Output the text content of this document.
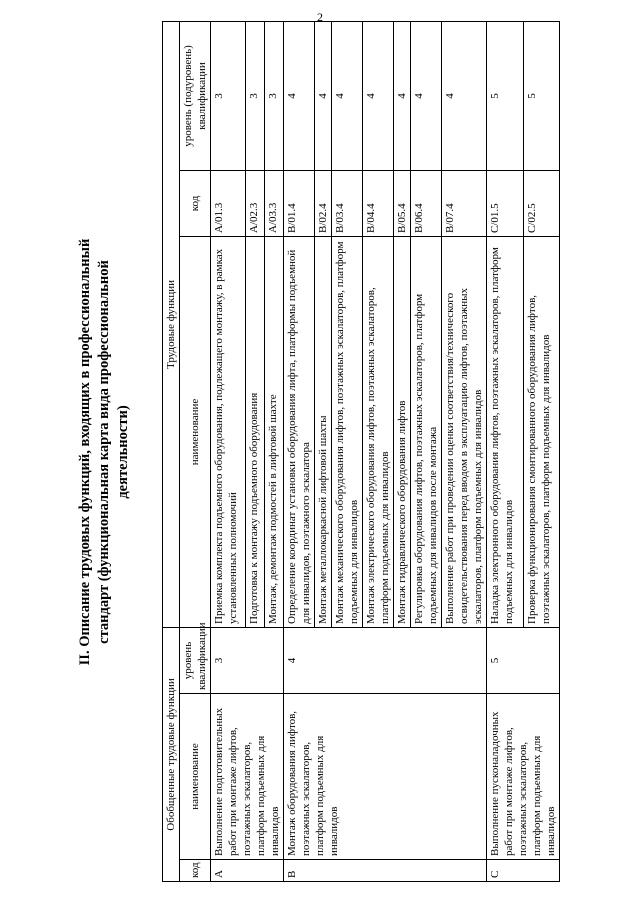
2
II. Описание трудовых функций, входящих в профессиональный стандарт (функциональная карта вида профессиональной деятельности)
Обобщенные трудовые функции			Трудовые функции		
код	наименование	уровень квалификации	наименование	код	уровень (подуровень) квалификации
A	Выполнение подготовительных работ при монтаже лифтов, поэтажных эскалаторов, платформ подъемных для инвалидов	3	Приемка комплекта подъемного оборудования, подлежащего монтажу, в рамках установленных полномочий	A/01.3	3
			Подготовка к монтажу подъемного оборудования	A/02.3	3
			Монтаж, демонтаж подмостей в лифтовой шахте	A/03.3	3
B	Монтаж оборудования лифтов, поэтажных эскалаторов, платформ подъемных для инвалидов	4	Определение координат установки оборудования лифта, платформы подъемной для инвалидов, поэтажного эскалатора	B/01.4	4
			Монтаж металлокаркасной лифтовой шахты	B/02.4	4
			Монтаж механического оборудования лифтов, поэтажных эскалаторов, платформ подъемных для инвалидов	B/03.4	4
			Монтаж электрического оборудования лифтов, поэтажных эскалаторов, платформ подъемных для инвалидов	B/04.4	4
			Монтаж гидравлического оборудования лифтов	B/05.4	4
			Регулировка оборудования лифтов, поэтажных эскалаторов, платформ подъемных для инвалидов после монтажа	B/06.4	4
			Выполнение работ при проведении оценки соответствия/технического освидетельствования перед вводом в эксплуатацию лифтов, поэтажных эскалаторов, платформ подъемных для инвалидов	B/07.4	4
C	Выполнение пусконаладочных работ при монтаже лифтов, поэтажных эскалаторов, платформ подъемных для инвалидов	5	Наладка электронного оборудования лифтов, поэтажных эскалаторов, платформ подъемных для инвалидов	C/01.5	5
			Проверка функционирования смонтированного оборудования лифтов, поэтажных эскалаторов, платформ подъемных для инвалидов	C/02.5	5
